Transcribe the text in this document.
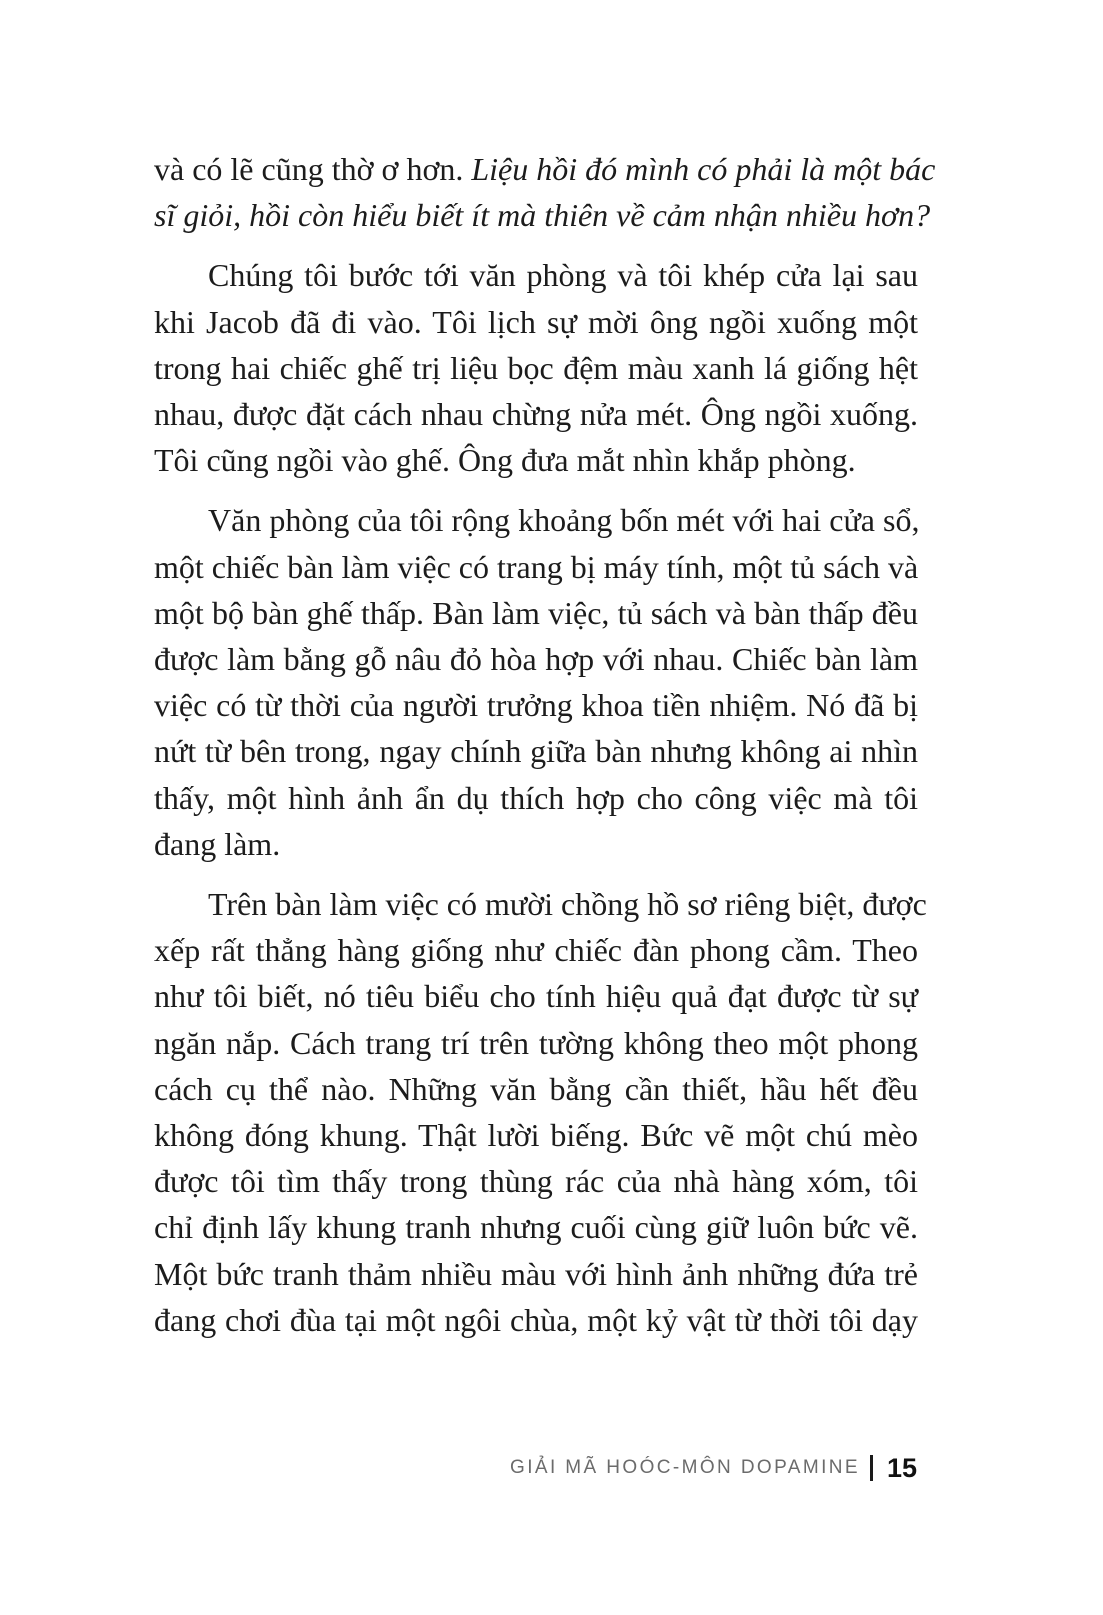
và có lẽ cũng thờ ơ hơn. Liệu hồi đó mình có phải là một bác
sĩ giỏi, hồi còn hiểu biết ít mà thiên về cảm nhận nhiều hơn?

Chúng tôi bước tới văn phòng và tôi khép cửa lại sau
khi Jacob đã đi vào. Tôi lịch sự mời ông ngồi xuống một
trong hai chiếc ghế trị liệu bọc đệm màu xanh lá giống hệt
nhau, được đặt cách nhau chừng nửa mét. Ông ngồi xuống.
Tôi cũng ngồi vào ghế. Ông đưa mắt nhìn khắp phòng.

Văn phòng của tôi rộng khoảng bốn mét với hai cửa sổ,
một chiếc bàn làm việc có trang bị máy tính, một tủ sách và
một bộ bàn ghế thấp. Bàn làm việc, tủ sách và bàn thấp đều
được làm bằng gỗ nâu đỏ hòa hợp với nhau. Chiếc bàn làm
việc có từ thời của người trưởng khoa tiền nhiệm. Nó đã bị
nứt từ bên trong, ngay chính giữa bàn nhưng không ai nhìn
thấy, một hình ảnh ẩn dụ thích hợp cho công việc mà tôi
đang làm.

Trên bàn làm việc có mười chồng hồ sơ riêng biệt, được
xếp rất thẳng hàng giống như chiếc đàn phong cầm. Theo
như tôi biết, nó tiêu biểu cho tính hiệu quả đạt được từ sự
ngăn nắp. Cách trang trí trên tường không theo một phong
cách cụ thể nào. Những văn bằng cần thiết, hầu hết đều
không đóng khung. Thật lười biếng. Bức vẽ một chú mèo
được tôi tìm thấy trong thùng rác của nhà hàng xóm, tôi
chỉ định lấy khung tranh nhưng cuối cùng giữ luôn bức vẽ.
Một bức tranh thảm nhiều màu với hình ảnh những đứa trẻ
đang chơi đùa tại một ngôi chùa, một kỷ vật từ thời tôi dạy

GIẢI MÃ HOÓC-MÔN DOPAMINE 15
